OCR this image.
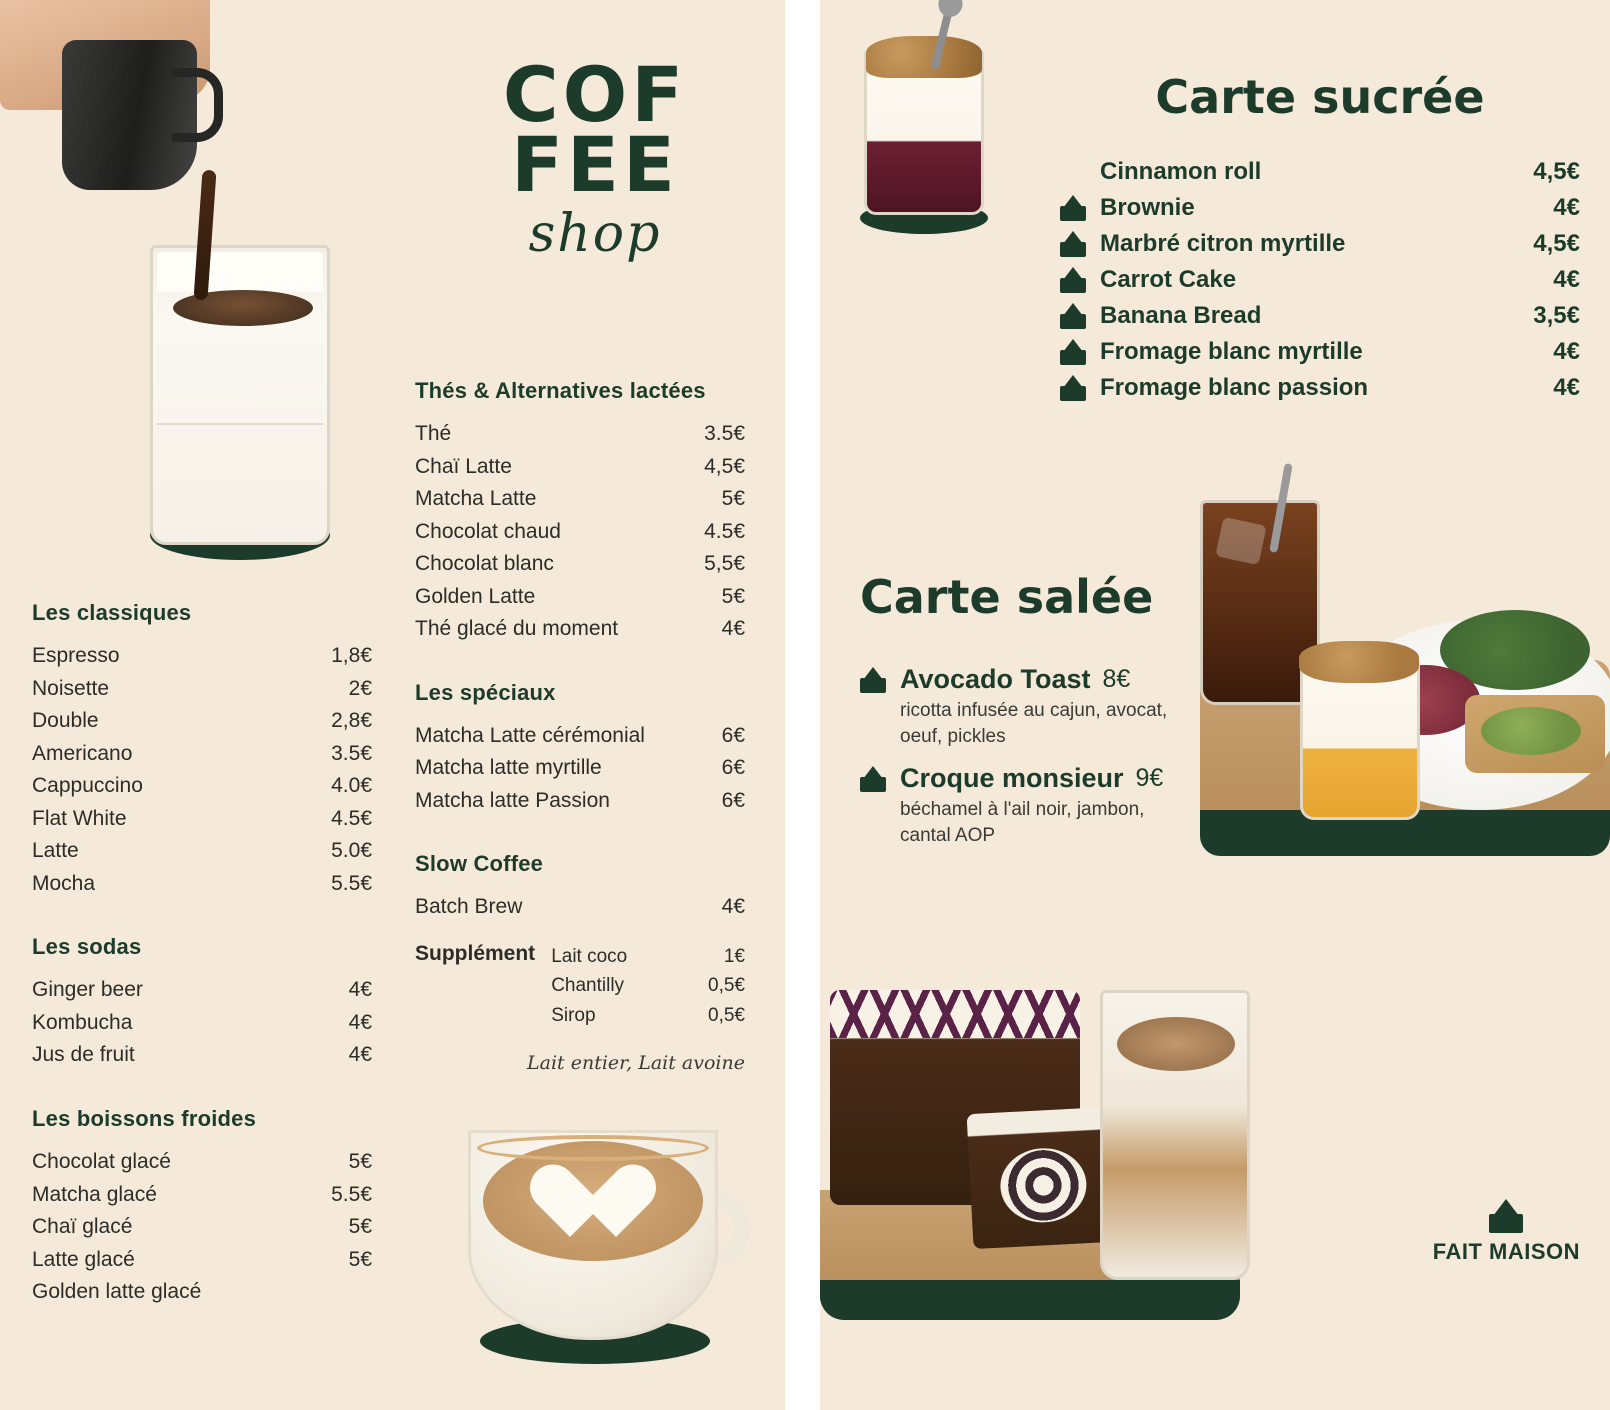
COF
FEE
shop
Les classiques
Espresso	1,8€
Noisette	2€
Double	2,8€
Americano	3.5€
Cappuccino	4.0€
Flat White	4.5€
Latte	5.0€
Mocha	5.5€
Les sodas
Ginger beer	4€
Kombucha	4€
Jus de fruit	4€
Les boissons froides
Chocolat glacé	5€
Matcha glacé	5.5€
Chaï glacé	5€
Latte glacé	5€
Golden latte glacé
Thés & Alternatives lactées
Thé	3.5€
Chaï Latte	4,5€
Matcha Latte	5€
Chocolat chaud	4.5€
Chocolat blanc	5,5€
Golden Latte	5€
Thé glacé du moment	4€
Les spéciaux
Matcha Latte cérémonial	6€
Matcha latte myrtille	6€
Matcha latte Passion	6€
Slow Coffee
Batch Brew	4€
Supplément Lait coco	1€
Chantilly	0,5€
Sirop	0,5€
Lait entier, Lait avoine
Carte sucrée
Cinnamon roll	4,5€
Brownie	4€
Marbré citron myrtille	4,5€
Carrot Cake	4€
Banana Bread	3,5€
Fromage blanc myrtille	4€
Fromage blanc passion	4€
Carte salée
Avocado Toast 8€
ricotta infusée au cajun, avocat, oeuf, pickles
Croque monsieur 9€
béchamel à l'ail noir, jambon, cantal AOP
FAIT MAISON
